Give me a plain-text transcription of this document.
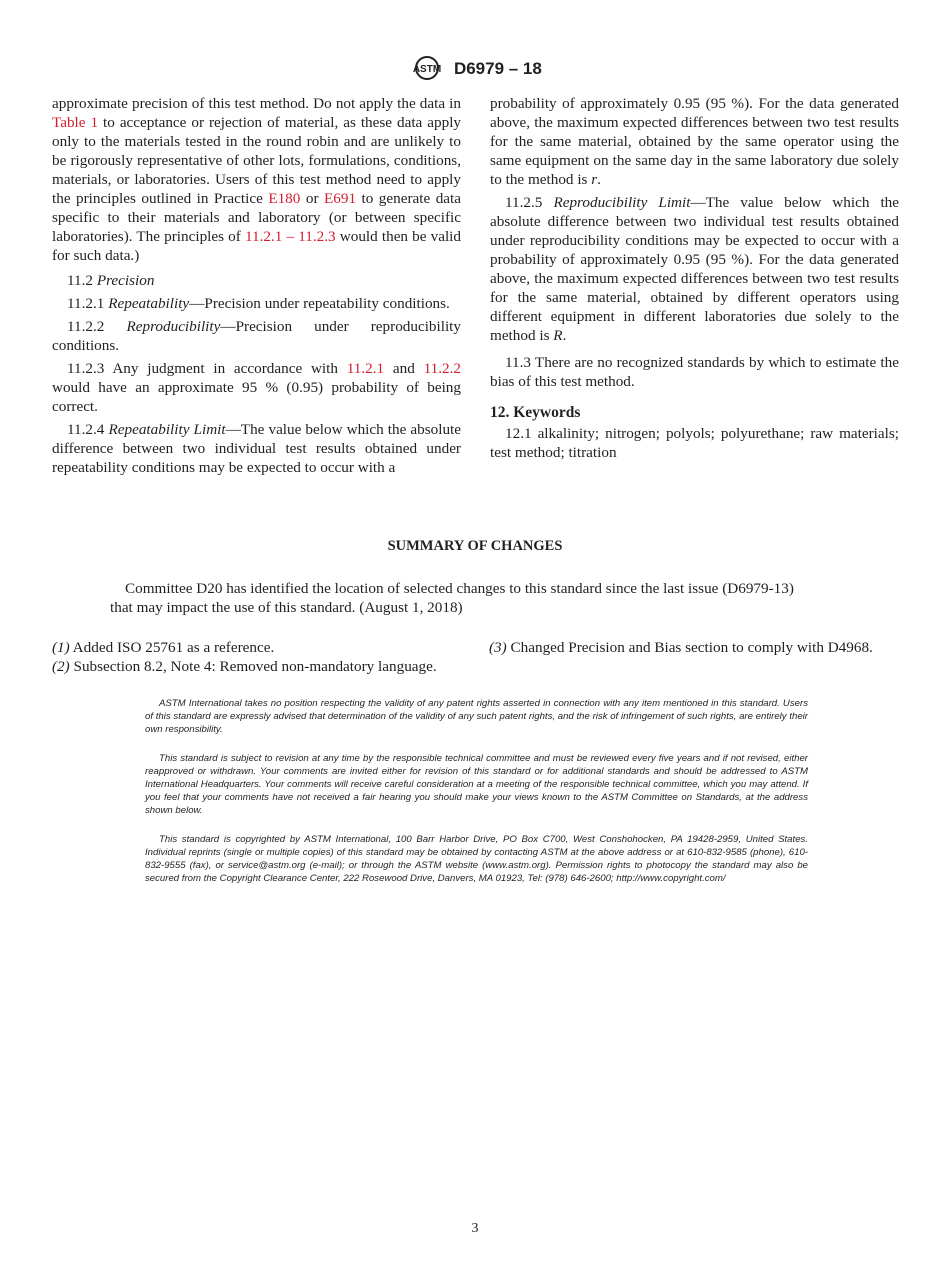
ASTM D6979 – 18

approximate precision of this test method. Do not apply the data in Table 1 to acceptance or rejection of material, as these data apply only to the materials tested in the round robin and are unlikely to be rigorously representative of other lots, formulations, conditions, materials, or laboratories. Users of this test method need to apply the principles outlined in Practice E180 or E691 to generate data specific to their materials and laboratory (or between specific laboratories). The principles of 11.2.1 – 11.2.3 would then be valid for such data.)

11.2 Precision

11.2.1 Repeatability—Precision under repeatability conditions.

11.2.2 Reproducibility—Precision under reproducibility conditions.

11.2.3 Any judgment in accordance with 11.2.1 and 11.2.2 would have an approximate 95 % (0.95) probability of being correct.

11.2.4 Repeatability Limit—The value below which the absolute difference between two individual test results obtained under repeatability conditions may be expected to occur with a

probability of approximately 0.95 (95 %). For the data generated above, the maximum expected differences between two test results for the same material, obtained by the same operator using the same equipment on the same day in the same laboratory due solely to the method is r.

11.2.5 Reproducibility Limit—The value below which the absolute difference between two individual test results obtained under reproducibility conditions may be expected to occur with a probability of approximately 0.95 (95 %). For the data generated above, the maximum expected differences between two test results for the same material, obtained by different operators using different equipment in different laboratories due solely to the method is R.

11.3 There are no recognized standards by which to estimate the bias of this test method.

12. Keywords

12.1 alkalinity; nitrogen; polyols; polyurethane; raw materials; test method; titration

SUMMARY OF CHANGES
Committee D20 has identified the location of selected changes to this standard since the last issue (D6979-13)
that may impact the use of this standard. (August 1, 2018)
(1) Added ISO 25761 as a reference.
(2) Subsection 8.2, Note 4: Removed non-mandatory language.
(3) Changed Precision and Bias section to comply with D4968.

ASTM International takes no position respecting the validity of any patent rights asserted in connection with any item mentioned in this standard. Users of this standard are expressly advised that determination of the validity of any such patent rights, and the risk of infringement of such rights, are entirely their own responsibility.

This standard is subject to revision at any time by the responsible technical committee and must be reviewed every five years and if not revised, either reapproved or withdrawn. Your comments are invited either for revision of this standard or for additional standards and should be addressed to ASTM International Headquarters. Your comments will receive careful consideration at a meeting of the responsible technical committee, which you may attend. If you feel that your comments have not received a fair hearing you should make your views known to the ASTM Committee on Standards, at the address shown below.

This standard is copyrighted by ASTM International, 100 Barr Harbor Drive, PO Box C700, West Conshohocken, PA 19428-2959, United States. Individual reprints (single or multiple copies) of this standard may be obtained by contacting ASTM at the above address or at 610-832-9585 (phone), 610-832-9555 (fax), or service@astm.org (e-mail); or through the ASTM website (www.astm.org). Permission rights to photocopy the standard may also be secured from the Copyright Clearance Center, 222 Rosewood Drive, Danvers, MA 01923, Tel: (978) 646-2600; http://www.copyright.com/

3
